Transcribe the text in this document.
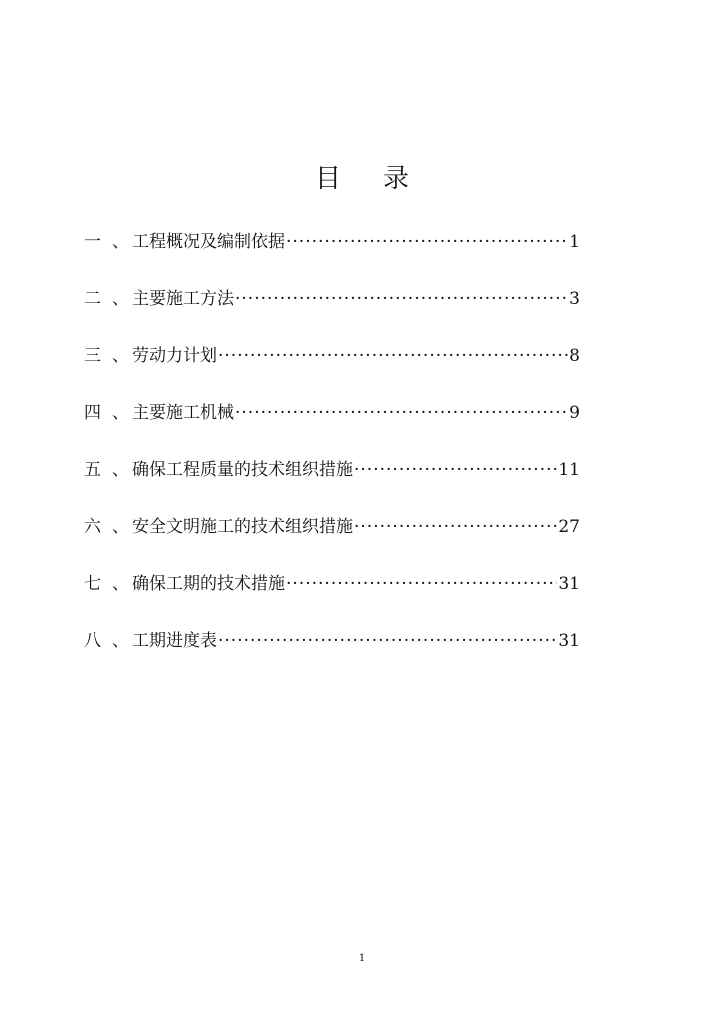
目录
一 、 工程概况及编制依据 ·····	1
二 、 主要施工方法 ·····	3
三 、 劳动力计划 ·····	8
四 、 主要施工机械 ·····	9
五 、 确保工程质量的技术组织措施 ·····	11
六 、 安全文明施工的技术组织措施 ·····	27
七 、 确保工期的技术措施 ·····	31
八 、 工期进度表 ·····	31
1
